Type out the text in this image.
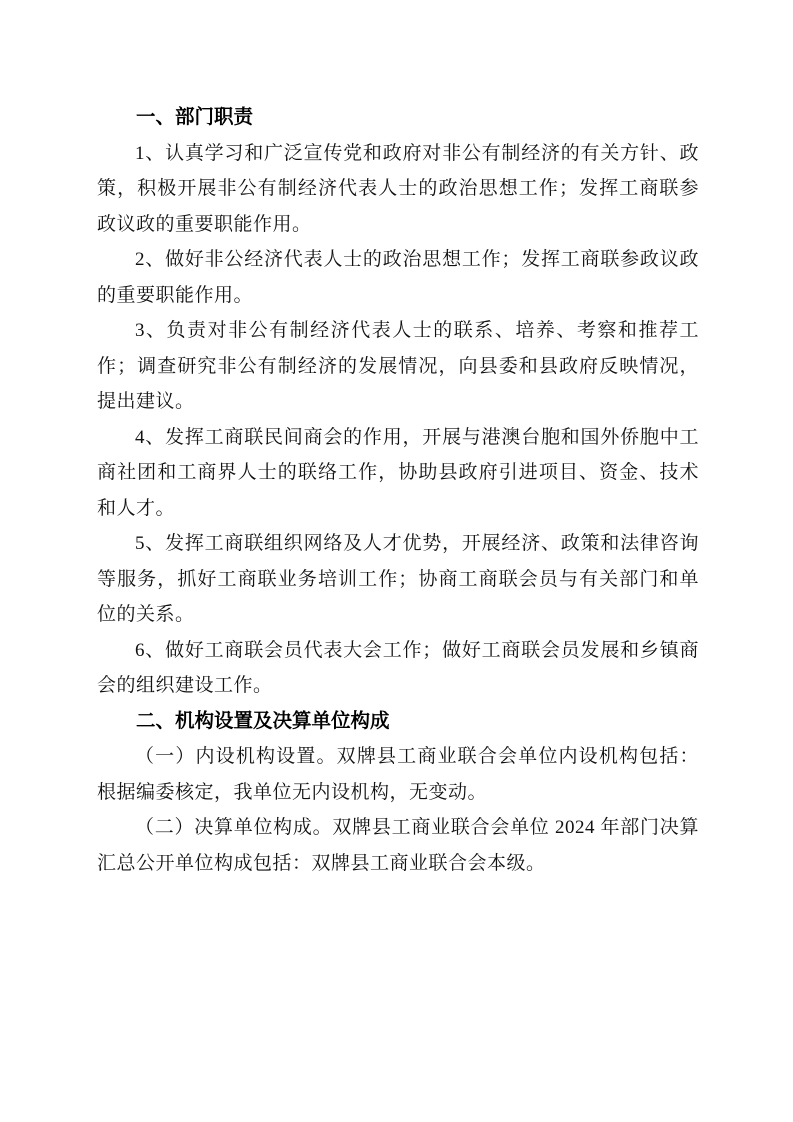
一、部门职责

1、认真学习和广泛宣传党和政府对非公有制经济的有关方针、政策，积极开展非公有制经济代表人士的政治思想工作；发挥工商联参政议政的重要职能作用。

2、做好非公经济代表人士的政治思想工作；发挥工商联参政议政的重要职能作用。

3、负责对非公有制经济代表人士的联系、培养、考察和推荐工作；调查研究非公有制经济的发展情况，向县委和县政府反映情况，提出建议。

4、发挥工商联民间商会的作用，开展与港澳台胞和国外侨胞中工商社团和工商界人士的联络工作，协助县政府引进项目、资金、技术和人才。

5、发挥工商联组织网络及人才优势，开展经济、政策和法律咨询等服务，抓好工商联业务培训工作；协商工商联会员与有关部门和单位的关系。

6、做好工商联会员代表大会工作；做好工商联会员发展和乡镇商会的组织建设工作。

二、机构设置及决算单位构成

（一）内设机构设置。双牌县工商业联合会单位内设机构包括：根据编委核定，我单位无内设机构，无变动。

（二）决算单位构成。双牌县工商业联合会单位 2024 年部门决算汇总公开单位构成包括：双牌县工商业联合会本级。
